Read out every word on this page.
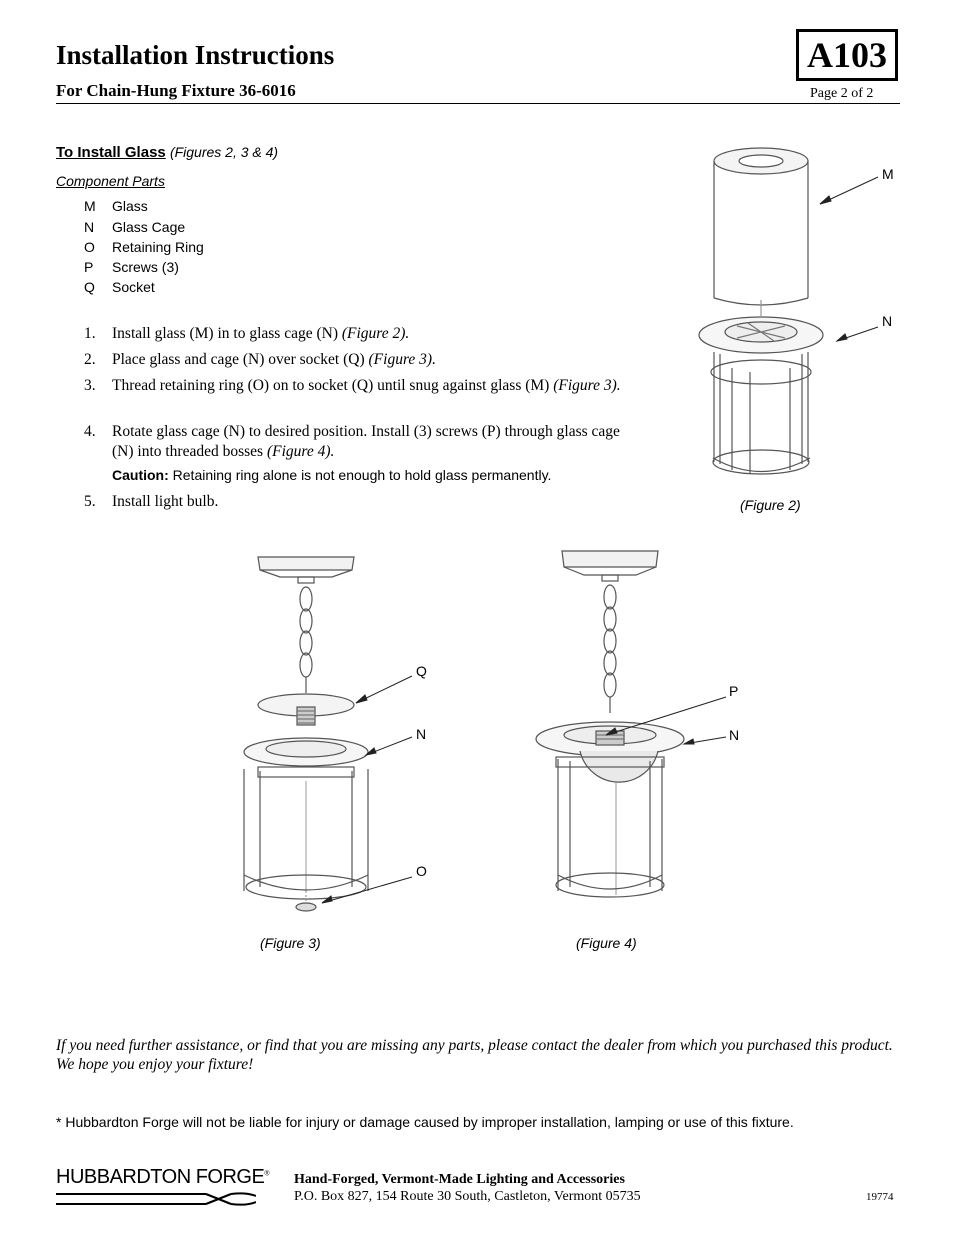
Installation Instructions
For Chain-Hung Fixture 36-6016
A103
Page 2 of 2
To Install Glass (Figures 2, 3 & 4)
Component Parts
M Glass
N Glass Cage
O Retaining Ring
P Screws (3)
Q Socket
1. Install glass (M) in to glass cage (N) (Figure 2).
2. Place glass and cage (N) over socket (Q) (Figure 3).
3. Thread retaining ring (O) on to socket (Q) until snug against glass (M) (Figure 3).
4. Rotate glass cage (N) to desired position. Install (3) screws (P) through glass cage (N) into threaded bosses (Figure 4).
Caution: Retaining ring alone is not enough to hold glass permanently.
5. Install light bulb.
M
N
(Figure 2)
Q
N
O
(Figure 3)
P
N
(Figure 4)
If you need further assistance, or find that you are missing any parts, please contact the dealer from which you purchased this product. We hope you enjoy your fixture!
* Hubbardton Forge will not be liable for injury or damage caused by improper installation, lamping or use of this fixture.
HUBBARDTON FORGE® Hand-Forged, Vermont-Made Lighting and Accessories
P.O. Box 827, 154 Route 30 South, Castleton, Vermont 05735	19774
